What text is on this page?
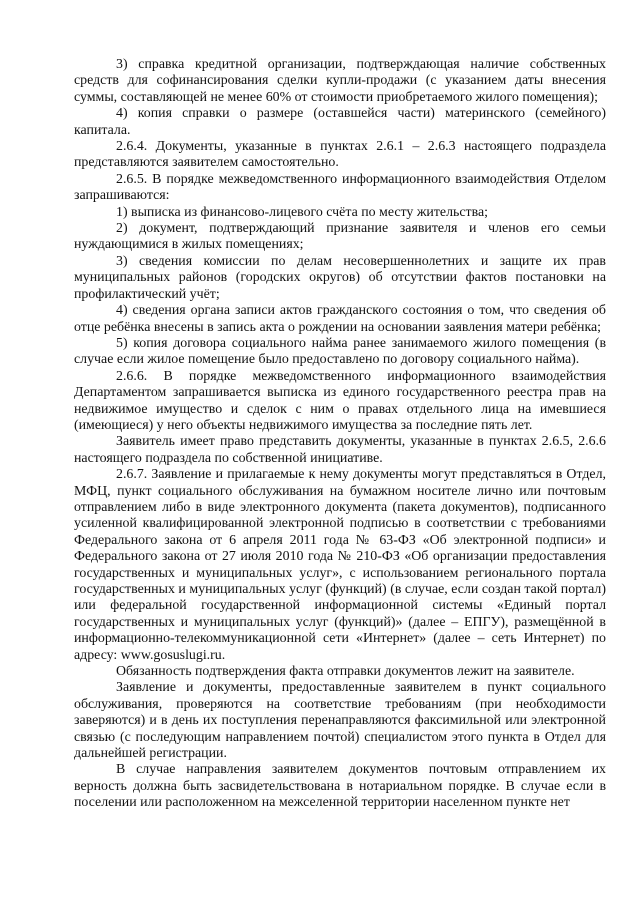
3) справка кредитной организации, подтверждающая наличие собственных средств для софинансирования сделки купли-продажи (с указанием даты внесения суммы, составляющей не менее 60% от стоимости приобретаемого жилого помещения);

4) копия справки о размере (оставшейся части) материнского (семейного) капитала.

2.6.4. Документы, указанные в пунктах 2.6.1 – 2.6.3 настоящего подраздела представляются заявителем самостоятельно.

2.6.5. В порядке межведомственного информационного взаимодействия Отделом запрашиваются:

1) выписка из финансово-лицевого счёта по месту жительства;

2) документ, подтверждающий признание заявителя и членов его семьи нуждающимися в жилых помещениях;

3) сведения комиссии по делам несовершеннолетних и защите их прав муниципальных районов (городских округов) об отсутствии фактов постановки на профилактический учёт;

4) сведения органа записи актов гражданского состояния о том, что сведения об отце ребёнка внесены в запись акта о рождении на основании заявления матери ребёнка;

5) копия договора социального найма ранее занимаемого жилого помещения (в случае если жилое помещение было предоставлено по договору социального найма).

2.6.6. В порядке межведомственного информационного взаимодействия Департаментом запрашивается выписка из единого государственного реестра прав на недвижимое имущество и сделок с ним о правах отдельного лица на имевшиеся (имеющиеся) у него объекты недвижимого имущества за последние пять лет.

Заявитель имеет право представить документы, указанные в пунктах 2.6.5, 2.6.6 настоящего подраздела по собственной инициативе.

2.6.7. Заявление и прилагаемые к нему документы могут представляться в Отдел, МФЦ, пункт социального обслуживания на бумажном носителе лично или почтовым отправлением либо в виде электронного документа (пакета документов), подписанного усиленной квалифицированной электронной подписью в соответствии с требованиями Федерального закона от 6 апреля 2011 года № 63-ФЗ «Об электронной подписи» и Федерального закона от 27 июля 2010 года № 210-ФЗ «Об организации предоставления государственных и муниципальных услуг», с использованием регионального портала государственных и муниципальных услуг (функций) (в случае, если создан такой портал) или федеральной государственной информационной системы «Единый портал государственных и муниципальных услуг (функций)» (далее – ЕПГУ), размещённой в информационно-телекоммуникационной сети «Интернет» (далее – сеть Интернет) по адресу: www.gosuslugi.ru.

Обязанность подтверждения факта отправки документов лежит на заявителе.

Заявление и документы, предоставленные заявителем в пункт социального обслуживания, проверяются на соответствие требованиям (при необходимости заверяются) и в день их поступления перенаправляются факсимильной или электронной связью (с последующим направлением почтой) специалистом этого пункта в Отдел для дальнейшей регистрации.

В случае направления заявителем документов почтовым отправлением их верность должна быть засвидетельствована в нотариальном порядке. В случае если в поселении или расположенном на межселенной территории населенном пункте нет
